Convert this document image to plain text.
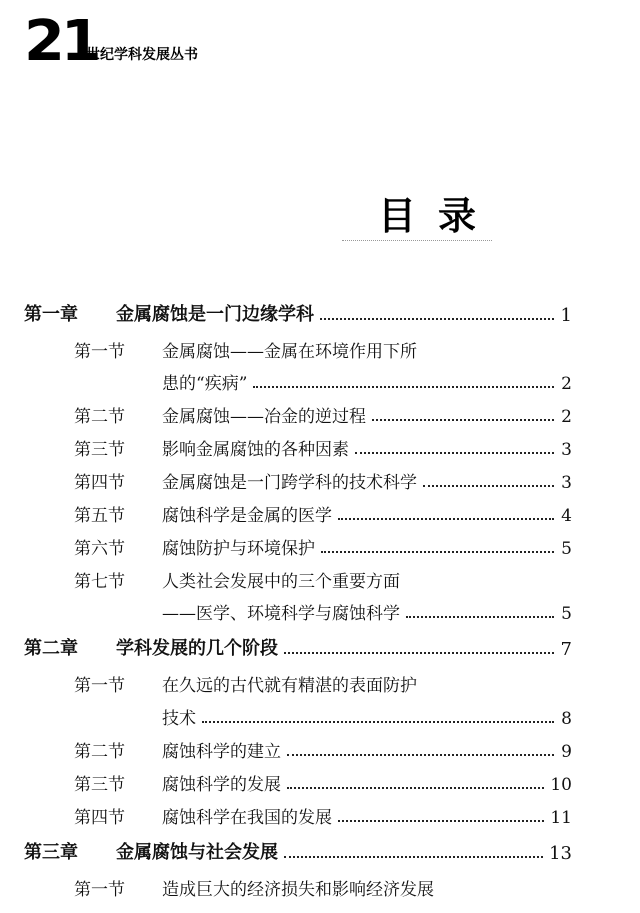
21
世纪学科发展丛书
目录
第一章	金属腐蚀是一门边缘学科	1
第一节	金属腐蚀——金属在环境作用下所
患的“疾病”	2
第二节	金属腐蚀——冶金的逆过程	2
第三节	影响金属腐蚀的各种因素	3
第四节	金属腐蚀是一门跨学科的技术科学	3
第五节	腐蚀科学是金属的医学	4
第六节	腐蚀防护与环境保护	5
第七节	人类社会发展中的三个重要方面
——医学、环境科学与腐蚀科学	5
第二章	学科发展的几个阶段	7
第一节	在久远的古代就有精湛的表面防护
技术	8
第二节	腐蚀科学的建立	9
第三节	腐蚀科学的发展	10
第四节	腐蚀科学在我国的发展	11
第三章	金属腐蚀与社会发展	13
第一节	造成巨大的经济损失和影响经济发展
